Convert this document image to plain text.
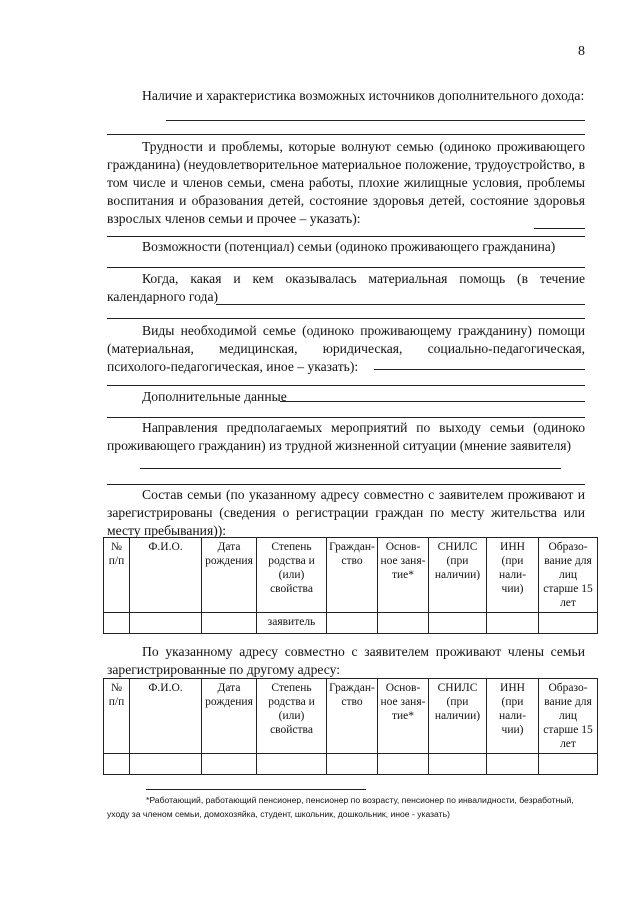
8
Наличие и характеристика возможных источников дополнительного дохода:
Трудности и проблемы, которые волнуют семью (одиноко проживающего гражданина) (неудовлетворительное материальное положение, трудоустройство, в том числе и членов семьи, смена работы, плохие жилищные условия, проблемы воспитания и образования детей, состояние здоровья детей, состояние здоровья взрослых членов семьи и прочее – указать):
Возможности (потенциал) семьи (одиноко проживающего гражданина)
Когда, какая и кем оказывалась материальная помощь (в течение календарного года)
Виды необходимой семье (одиноко проживающему гражданину) помощи (материальная, медицинская, юридическая, социально-педагогическая, психолого-педагогическая, иное – указать):
Дополнительные данные
Направления предполагаемых мероприятий по выходу семьи (одиноко проживающего гражданин) из трудной жизненной ситуации (мнение заявителя)
Состав семьи (по указанному адресу совместно с заявителем проживают и зарегистрированы (сведения о регистрации граждан по месту жительства или месту пребывания)):
№ п/п	Ф.И.О.	Дата рождения	Степень родства и (или) свойства	Граждан-ство	Основ-ное заня-тие*	СНИЛС (при наличии)	ИНН (при нали-чии)	Образо-вание для лиц старше 15 лет
			заявитель					
По указанному адресу совместно с заявителем проживают члены семьи зарегистрированные по другому адресу:
№ п/п	Ф.И.О.	Дата рождения	Степень родства и (или) свойства	Граждан-ство	Основ-ное заня-тие*	СНИЛС (при наличии)	ИНН (при нали-чии)	Образо-вание для лиц старше 15 лет

*Работающий, работающий пенсионер, пенсионер по возрасту, пенсионер по инвалидности, безработный, уходу за членом семьи, домохозяйка, студент, школьник, дошкольник, иное - указать)
